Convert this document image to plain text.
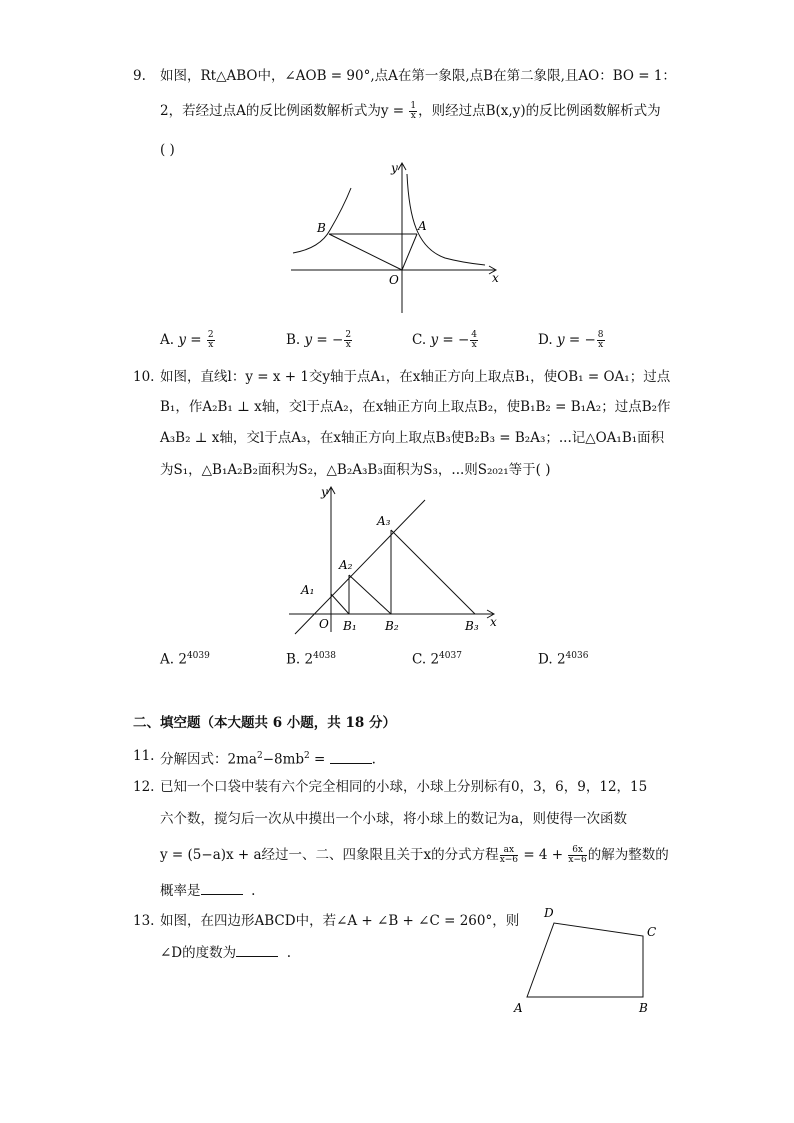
9. 如图，Rt△ABO中，∠AOB = 90°,点A在第一象限,点B在第二象限,且AO：BO = 1：
2，若经过点A的反比例函数解析式为$y = \frac{1}{x}$ ，则经过点B(x,y)的反比例函数解析式为
( )
B	A
O	x
y
A. $y = \frac{2}{x}$	B. y = − $\frac{2}{x}$	C. y = − $\frac{4}{x}$	D. y = − $\frac{8}{x}$
10. 如图，直线l：y = x + 1交y轴于点A₁，在x轴正方向上取点B₁，使OB₁ = OA₁；过点
B₁，作A₂B₁ ⊥ x轴，交l于点A₂，在x轴正方向上取点B₂，使B₁B₂ = B₁A₂；过点B₂作
A₃B₂ ⊥ x轴，交l于点A₃，在x轴正方向上取点B₃使B₂B₃ = B₂A₃；...记△OA₁B₁面积
为S₁，△B₁A₂B₂面积为S₂，△B₂A₃B₃面积为S₃，...则S₂₀₂₁等于( )
A₁
A₂
A₃
O B₁ B₂	B₃ x
y
A. $2^{4039}$	B. $2^{4038}$	C. $2^{4037}$	D. $2^{4036}$
二、填空题（本大题共 6 小题，共 18 分）
11. 分解因式：$2ma^2-8mb^2$ =	.
12. 已知一个口袋中装有六个完全相同的小球，小球上分别标有0，3，6，9，12，15
六个数，搅匀后一次从中摸出一个小球，将小球上的数记为a，则使得一次函数
y = (5−a)x + a经过一、二、四象限且关于x的分式方程 $\frac{ax}{x-6} = 4 + \frac{6x}{x-6}$ 的解为整数的
概率是	.
13. 如图，在四边形ABCD中，若∠A + ∠B + ∠C = 260°，则
∠D的度数为	.
D
C
A	B
